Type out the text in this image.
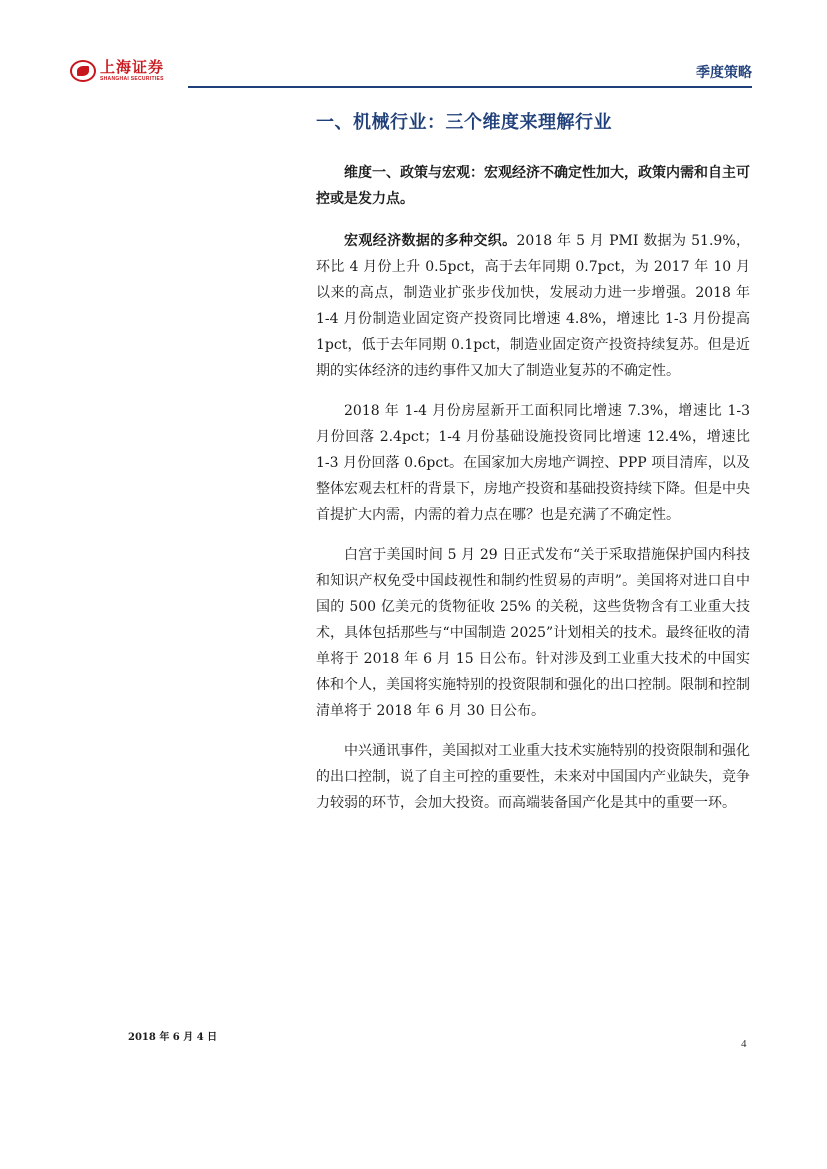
上海证券
SHANGHAI SECURITIES	季度策略
一、机械行业：三个维度来理解行业

维度一、政策与宏观：宏观经济不确定性加大，政策内需和自主可控或是发力点。

宏观经济数据的多种交织。2018 年 5 月 PMI 数据为 51.9%，环比 4 月份上升 0.5pct，高于去年同期 0.7pct，为 2017 年 10 月以来的高点，制造业扩张步伐加快，发展动力进一步增强。2018 年 1-4 月份制造业固定资产投资同比增速 4.8%，增速比 1-3 月份提高 1pct，低于去年同期 0.1pct，制造业固定资产投资持续复苏。但是近期的实体经济的违约事件又加大了制造业复苏的不确定性。

2018 年 1-4 月份房屋新开工面积同比增速 7.3%，增速比 1-3 月份回落 2.4pct；1-4 月份基础设施投资同比增速 12.4%，增速比 1-3 月份回落 0.6pct。在国家加大房地产调控、PPP 项目清库，以及整体宏观去杠杆的背景下，房地产投资和基础投资持续下降。但是中央首提扩大内需，内需的着力点在哪？也是充满了不确定性。

白宫于美国时间 5 月 29 日正式发布“关于采取措施保护国内科技和知识产权免受中国歧视性和制约性贸易的声明”。美国将对进口自中国的 500 亿美元的货物征收 25% 的关税，这些货物含有工业重大技术，具体包括那些与“中国制造 2025”计划相关的技术。最终征收的清单将于 2018 年 6 月 15 日公布。针对涉及到工业重大技术的中国实体和个人，美国将实施特别的投资限制和强化的出口控制。限制和控制清单将于 2018 年 6 月 30 日公布。

中兴通讯事件，美国拟对工业重大技术实施特别的投资限制和强化的出口控制，说了自主可控的重要性，未来对中国国内产业缺失，竞争力较弱的环节，会加大投资。而高端装备国产化是其中的重要一环。

2018 年 6 月 4 日
4
